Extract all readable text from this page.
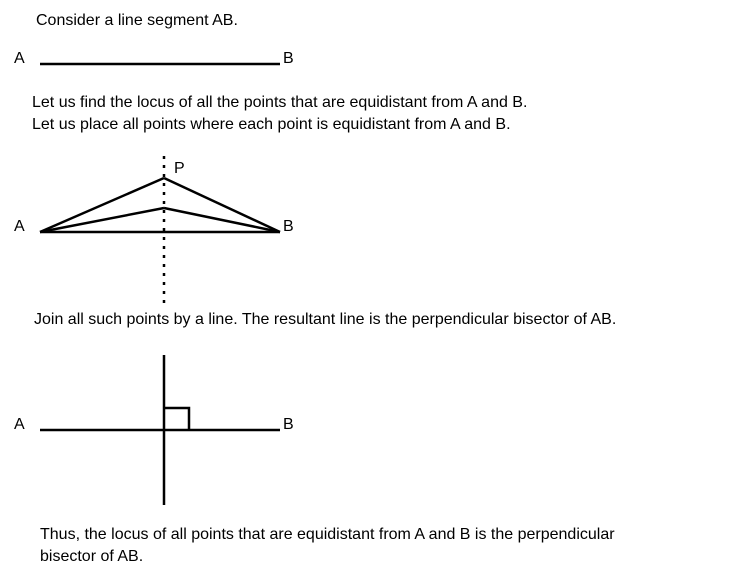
Consider a line segment AB.
A	B
Let us find the locus of all the points that are equidistant from A and B.
Let us place all points where each point is equidistant from A and B.
P
A	B
Join all such points by a line. The resultant line is the perpendicular bisector of AB.
A	B
Thus, the locus of all points that are equidistant from A and B is the perpendicular
bisector of AB.
